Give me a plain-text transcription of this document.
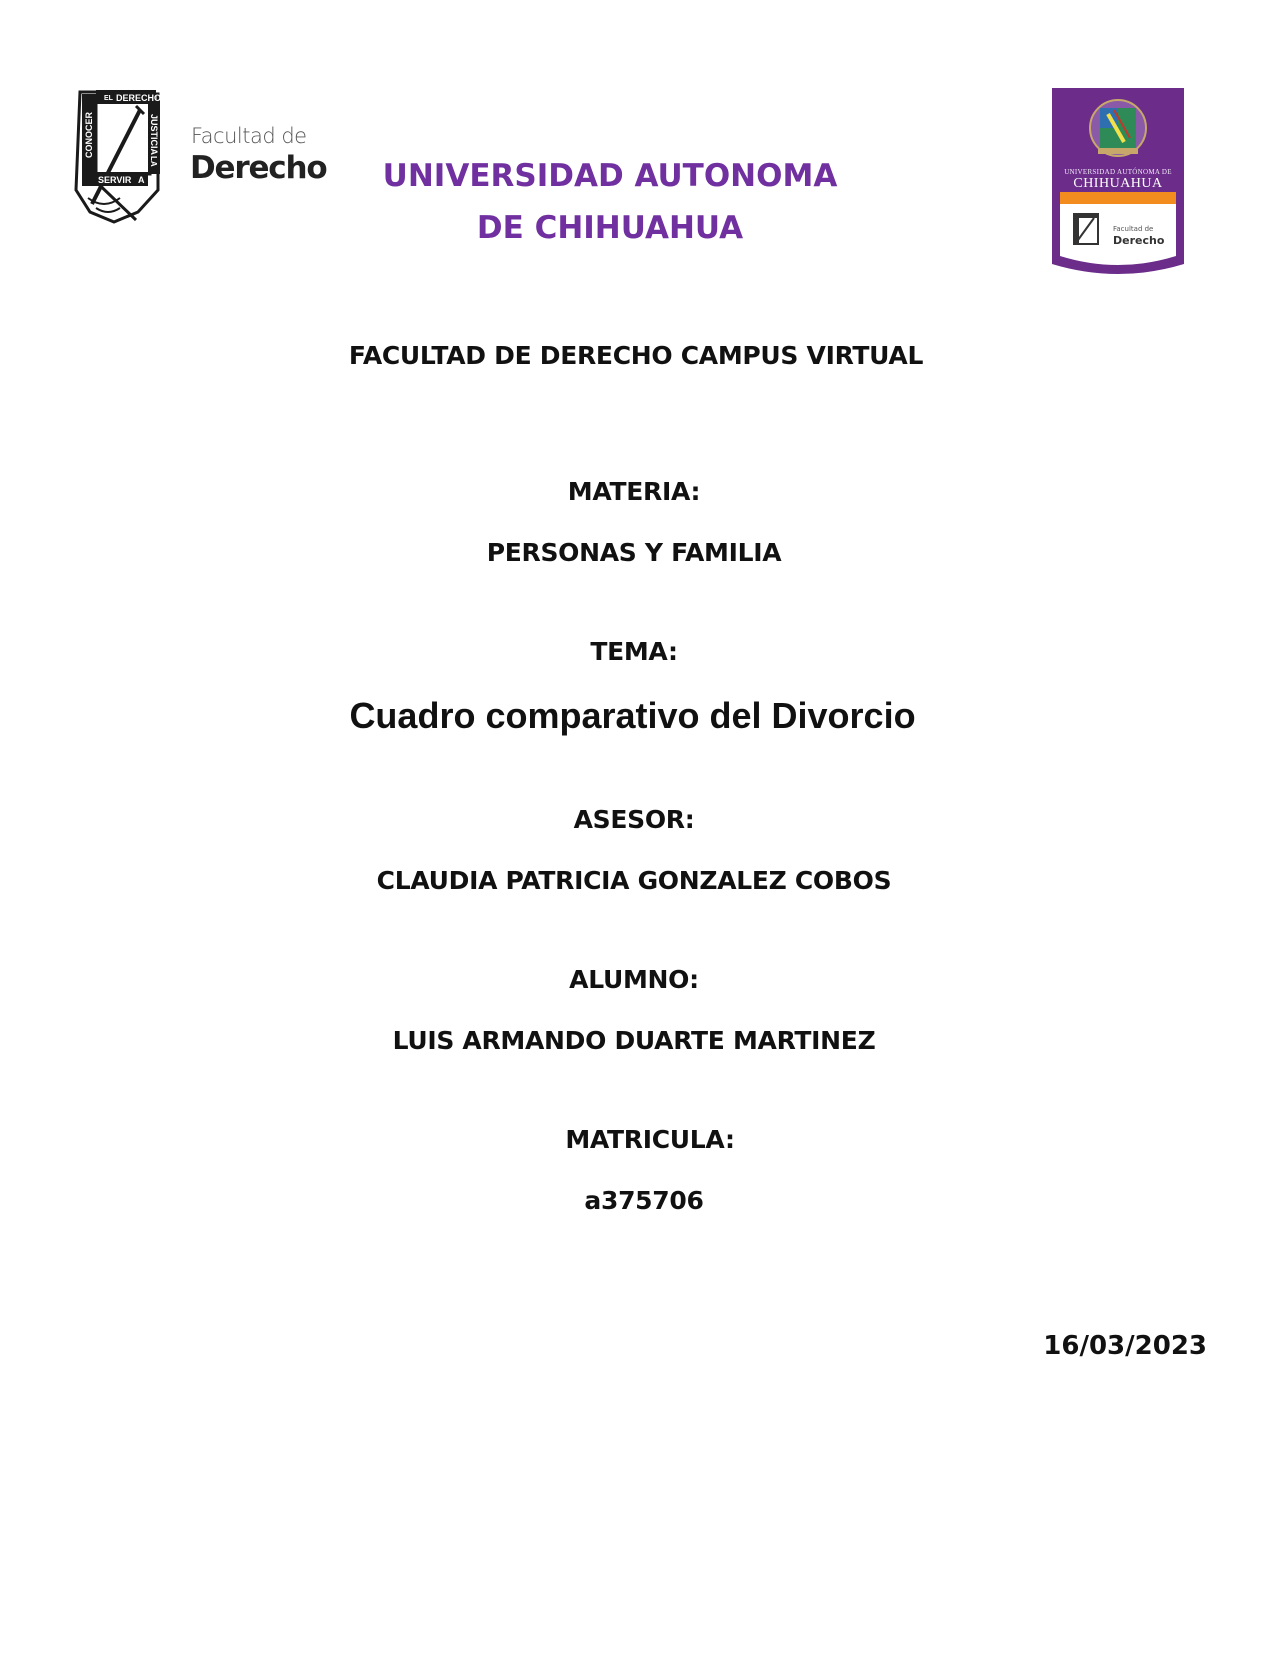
EL DERECHO
CONOCER	JUSTICIA
LA
SERVIR A
Facultad de
Derecho	UNIVERSIDAD AUTONOMA
DE CHIHUAHUA
UNIVERSIDAD AUTÓNOMA DE
CHIHUAHUA
Facultad de
Derecho
FACULTAD DE DERECHO CAMPUS VIRTUAL
MATERIA:
PERSONAS Y FAMILIA
TEMA:
Cuadro comparativo del Divorcio
ASESOR:
CLAUDIA PATRICIA GONZALEZ COBOS
ALUMNO:
LUIS ARMANDO DUARTE MARTINEZ
MATRICULA:
a375706
16/03/2023
